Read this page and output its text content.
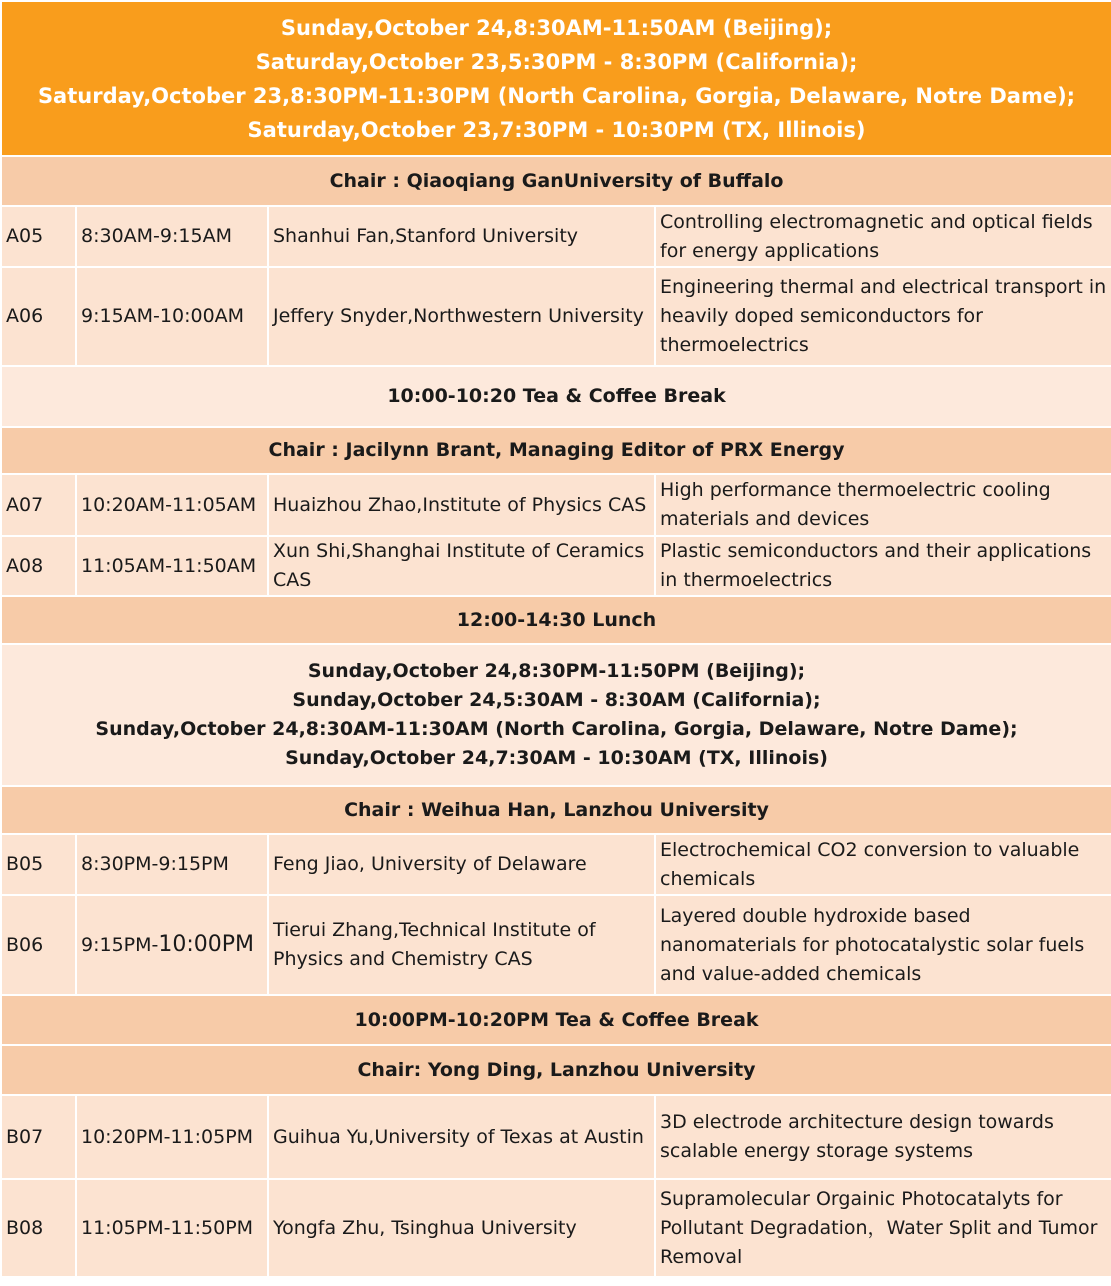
Sunday,October 24,8:30AM-11:50AM (Beijing);
Saturday,October 23,5:30PM - 8:30PM (California);
Saturday,October 23,8:30PM-11:30PM (North Carolina, Gorgia, Delaware, Notre Dame);
Saturday,October 23,7:30PM - 10:30PM (TX, Illinois)			

Chair : Qiaoqiang GanUniversity of Buffalo			
A05	8:30AM-9:15AM	Shanhui Fan,Stanford University	Controlling electromagnetic and optical fields for energy applications
A06	9:15AM-10:00AM	Jeffery Snyder,Northwestern University	Engineering thermal and electrical transport in heavily doped semiconductors for thermoelectrics
10:00-10:20 Tea & Coffee Break			
Chair : Jacilynn Brant, Managing Editor of PRX Energy			
A07	10:20AM-11:05AM	Huaizhou Zhao,Institute of Physics CAS	High performance thermoelectric cooling materials and devices
A08	11:05AM-11:50AM	Xun Shi,Shanghai Institute of Ceramics CAS	Plastic semiconductors and their applications in thermoelectrics
12:00-14:30 Lunch			

Sunday,October 24,8:30PM-11:50PM (Beijing);
Sunday,October 24,5:30AM - 8:30AM (California);
Sunday,October 24,8:30AM-11:30AM (North Carolina, Gorgia, Delaware, Notre Dame);
Sunday,October 24,7:30AM - 10:30AM (TX, Illinois)			

Chair : Weihua Han, Lanzhou University			
B05	8:30PM-9:15PM	Feng Jiao, University of Delaware	Electrochemical CO2 conversion to valuable chemicals
B06	9:15PM-10:00PM	Tierui Zhang,Technical Institute of Physics and Chemistry CAS	Layered double hydroxide based nanomaterials for photocatalystic solar fuels and value-added chemicals
10:00PM-10:20PM Tea & Coffee Break			
Chair: Yong Ding, Lanzhou University			
B07	10:20PM-11:05PM	Guihua Yu,University of Texas at Austin	3D electrode architecture design towards scalable energy storage systems
B08	11:05PM-11:50PM	Yongfa Zhu, Tsinghua University	Supramolecular Orgainic Photocatalyts for Pollutant Degradation，Water Split and Tumor Removal
